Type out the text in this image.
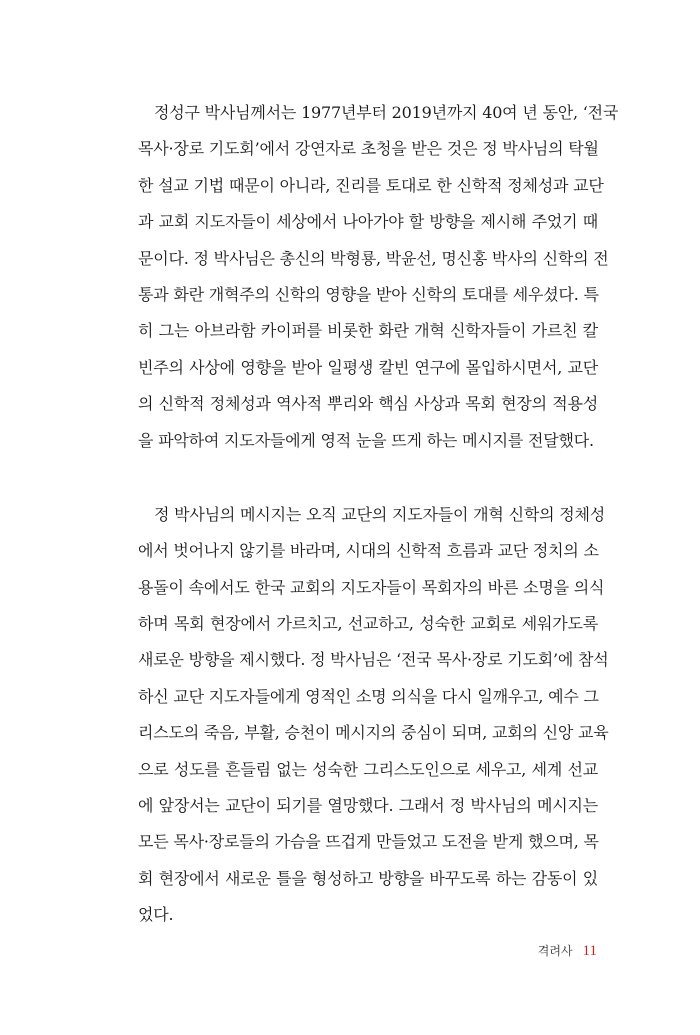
정성구 박사님께서는 1977년부터 2019년까지 40여 년 동안, ‘전국
목사·장로 기도회’에서 강연자로 초청을 받은 것은 정 박사님의 탁월
한 설교 기법 때문이 아니라, 진리를 토대로 한 신학적 정체성과 교단
과 교회 지도자들이 세상에서 나아가야 할 방향을 제시해 주었기 때
문이다. 정 박사님은 총신의 박형룡, 박윤선, 명신홍 박사의 신학의 전
통과 화란 개혁주의 신학의 영향을 받아 신학의 토대를 세우셨다. 특
히 그는 아브라함 카이퍼를 비롯한 화란 개혁 신학자들이 가르친 칼
빈주의 사상에 영향을 받아 일평생 칼빈 연구에 몰입하시면서, 교단
의 신학적 정체성과 역사적 뿌리와 핵심 사상과 목회 현장의 적용성
을 파악하여 지도자들에게 영적 눈을 뜨게 하는 메시지를 전달했다.

정 박사님의 메시지는 오직 교단의 지도자들이 개혁 신학의 정체성
에서 벗어나지 않기를 바라며, 시대의 신학적 흐름과 교단 정치의 소
용돌이 속에서도 한국 교회의 지도자들이 목회자의 바른 소명을 의식
하며 목회 현장에서 가르치고, 선교하고, 성숙한 교회로 세워가도록
새로운 방향을 제시했다. 정 박사님은 ‘전국 목사·장로 기도회’에 참석
하신 교단 지도자들에게 영적인 소명 의식을 다시 일깨우고, 예수 그
리스도의 죽음, 부활, 승천이 메시지의 중심이 되며, 교회의 신앙 교육
으로 성도를 흔들림 없는 성숙한 그리스도인으로 세우고, 세계 선교
에 앞장서는 교단이 되기를 열망했다. 그래서 정 박사님의 메시지는
모든 목사·장로들의 가슴을 뜨겁게 만들었고 도전을 받게 했으며, 목
회 현장에서 새로운 틀을 형성하고 방향을 바꾸도록 하는 감동이 있
었다.

격려사 11
